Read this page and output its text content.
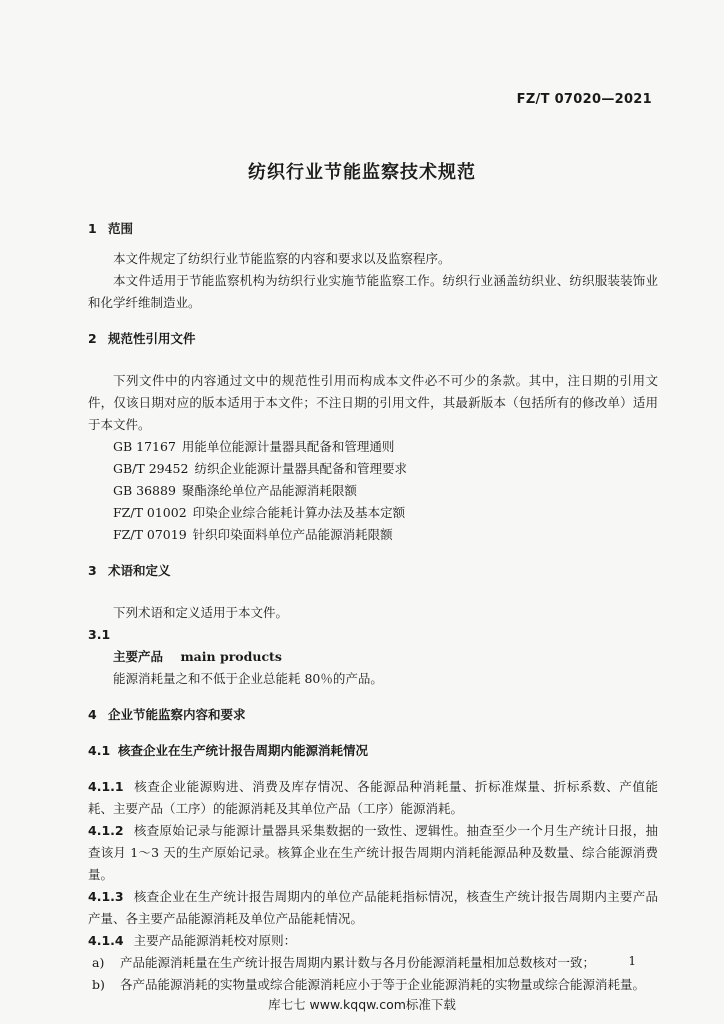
FZ/T 07020—2021
纺织行业节能监察技术规范
1 范围
本文件规定了纺织行业节能监察的内容和要求以及监察程序。
本文件适用于节能监察机构为纺织行业实施节能监察工作。纺织行业涵盖纺织业、纺织服装装饰业和化学纤维制造业。
2 规范性引用文件
下列文件中的内容通过文中的规范性引用而构成本文件必不可少的条款。其中，注日期的引用文件，仅该日期对应的版本适用于本文件；不注日期的引用文件，其最新版本（包括所有的修改单）适用于本文件。
GB 17167 用能单位能源计量器具配备和管理通则
GB/T 29452 纺织企业能源计量器具配备和管理要求
GB 36889 聚酯涤纶单位产品能源消耗限额
FZ/T 01002 印染企业综合能耗计算办法及基本定额
FZ/T 07019 针织印染面料单位产品能源消耗限额
3 术语和定义
下列术语和定义适用于本文件。
3.1
主要产品 main products
能源消耗量之和不低于企业总能耗 80％的产品。
4 企业节能监察内容和要求
4.1 核查企业在生产统计报告周期内能源消耗情况
4.1.1 核查企业能源购进、消费及库存情况、各能源品种消耗量、折标准煤量、折标系数、产值能耗、主要产品（工序）的能源消耗及其单位产品（工序）能源消耗。
4.1.2 核查原始记录与能源计量器具采集数据的一致性、逻辑性。抽查至少一个月生产统计日报，抽查该月 1～3 天的生产原始记录。核算企业在生产统计报告周期内消耗能源品种及数量、综合能源消费量。
4.1.3 核查企业在生产统计报告周期内的单位产品能耗指标情况，核查生产统计报告周期内主要产品产量、各主要产品能源消耗及单位产品能耗情况。
4.1.4 主要产品能源消耗校对原则：
a)	产品能源消耗量在生产统计报告周期内累计数与各月份能源消耗量相加总数核对一致；
b)	各产品能源消耗的实物量或综合能源消耗应小于等于企业能源消耗的实物量或综合能源消耗量。
1
库七七 www.kqqw.com标准下载
